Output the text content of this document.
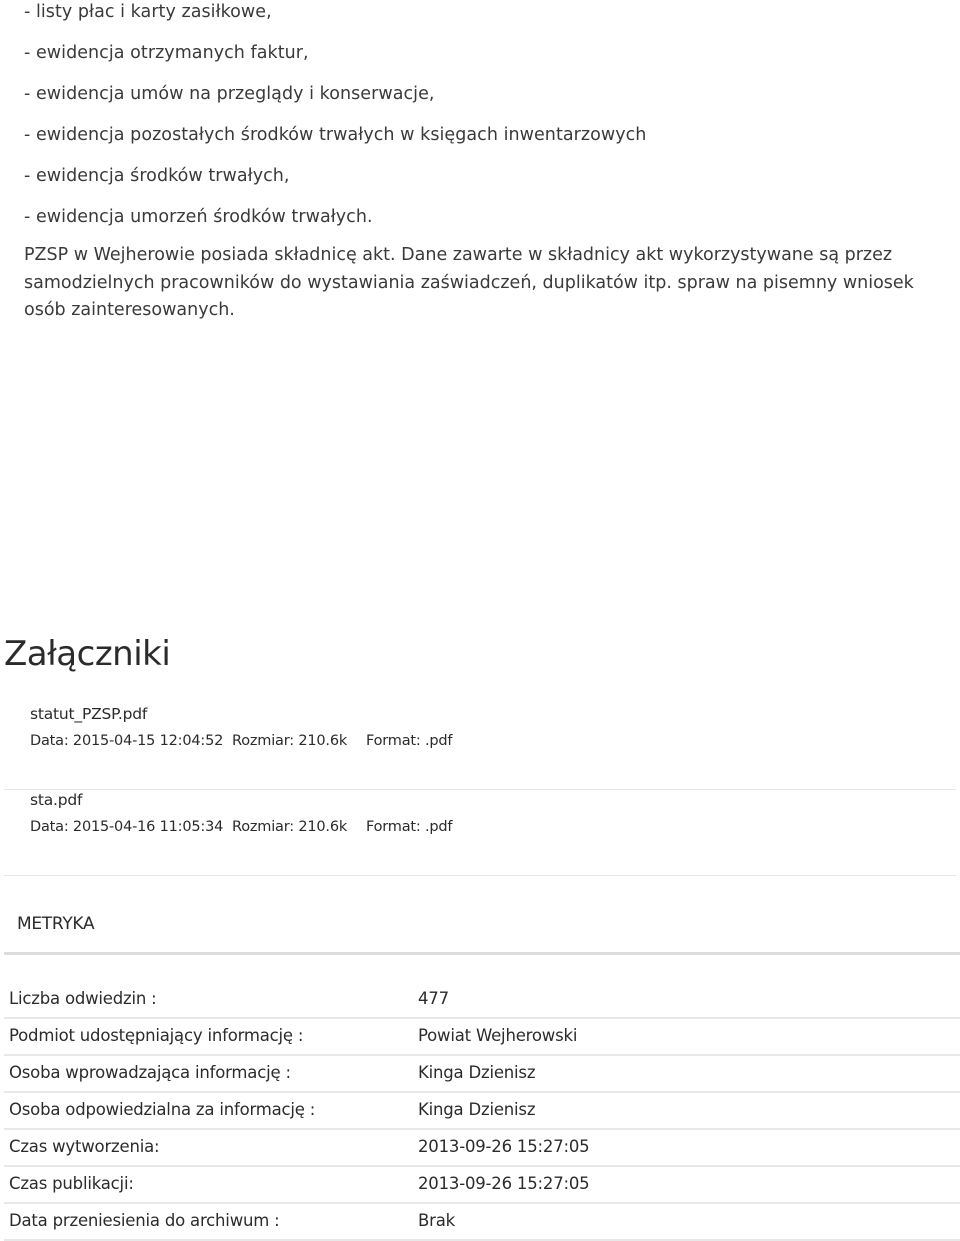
- listy płac i karty zasiłkowe,
- ewidencja otrzymanych faktur,
- ewidencja umów na przeglądy i konserwacje,
- ewidencja pozostałych środków trwałych w księgach inwentarzowych
- ewidencja środków trwałych,
- ewidencja umorzeń środków trwałych.

PZSP w Wejherowie posiada składnicę akt. Dane zawarte w składnicy akt wykorzystywane są przez samodzielnych pracowników do wystawiania zaświadczeń, duplikatów itp. spraw na pisemny wniosek osób zainteresowanych.

Załączniki
statut_PZSP.pdf
Data: 2015-04-15 12:04:52 Rozmiar: 210.6k Format: .pdf
sta.pdf
Data: 2015-04-16 11:05:34 Rozmiar: 210.6k Format: .pdf
METRYKA
Liczba odwiedzin :	477
Podmiot udostępniający informację :	Powiat Wejherowski
Osoba wprowadzająca informację :	Kinga Dzienisz
Osoba odpowiedzialna za informację :	Kinga Dzienisz
Czas wytworzenia:	2013-09-26 15:27:05
Czas publikacji:	2013-09-26 15:27:05
Data przeniesienia do archiwum :	Brak
